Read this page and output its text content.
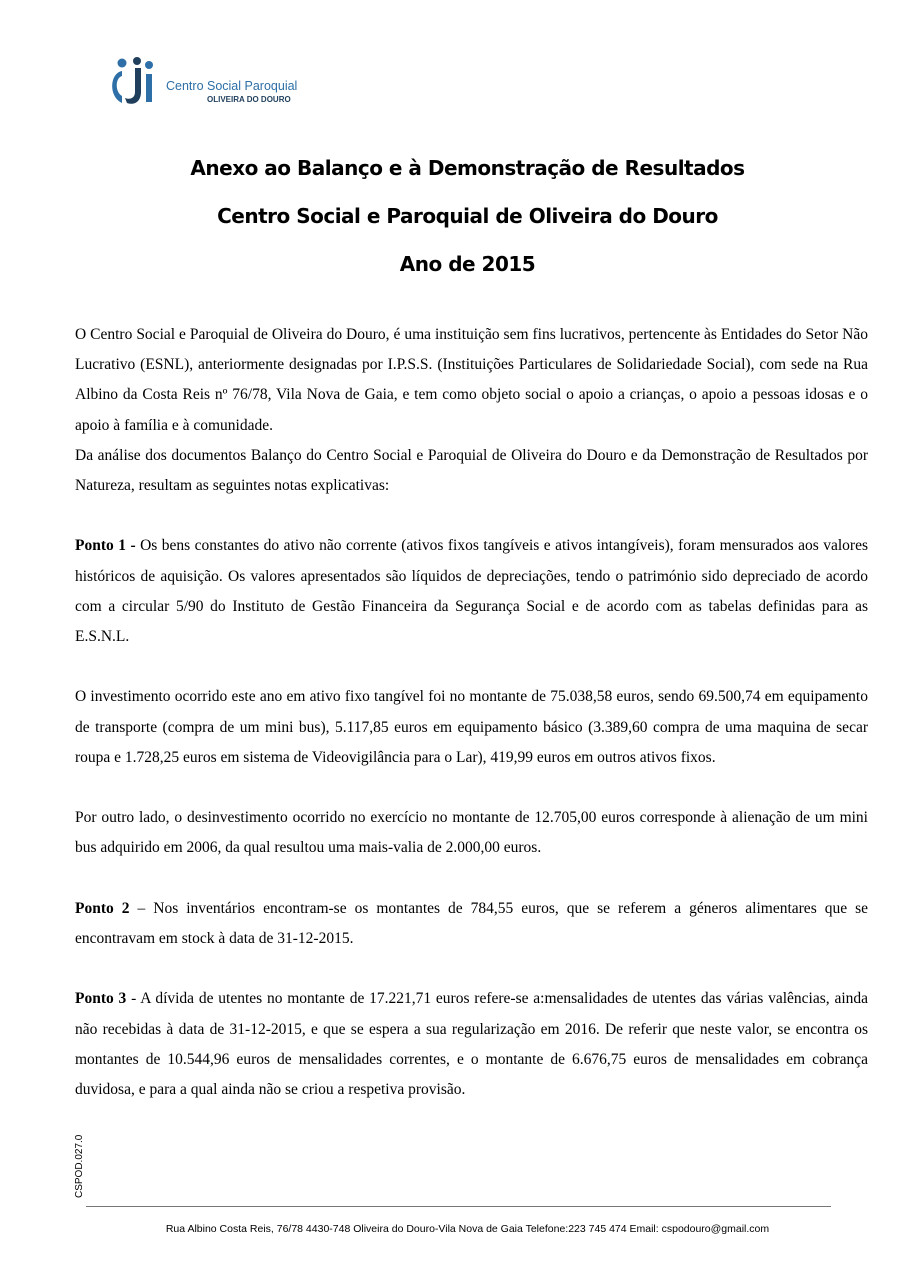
Centro Social Paroquial
OLIVEIRA DO DOURO
Anexo ao Balanço e à Demonstração de Resultados
Centro Social e Paroquial de Oliveira do Douro
Ano de 2015

O Centro Social e Paroquial de Oliveira do Douro, é uma instituição sem fins lucrativos, pertencente às Entidades do Setor Não Lucrativo (ESNL), anteriormente designadas por I.P.S.S. (Instituições Particulares de Solidariedade Social), com sede na Rua Albino da Costa Reis nº 76/78, Vila Nova de Gaia, e tem como objeto social o apoio a crianças, o apoio a pessoas idosas e o apoio à família e à comunidade.

Da análise dos documentos Balanço do Centro Social e Paroquial de Oliveira do Douro e da Demonstração de Resultados por Natureza, resultam as seguintes notas explicativas:

Ponto 1 - Os bens constantes do ativo não corrente (ativos fixos tangíveis e ativos intangíveis), foram mensurados aos valores históricos de aquisição. Os valores apresentados são líquidos de depreciações, tendo o património sido depreciado de acordo com a circular 5/90 do Instituto de Gestão Financeira da Segurança Social e de acordo com as tabelas definidas para as E.S.N.L.

O investimento ocorrido este ano em ativo fixo tangível foi no montante de 75.038,58 euros, sendo 69.500,74 em equipamento de transporte (compra de um mini bus), 5.117,85 euros em equipamento básico (3.389,60 compra de uma maquina de secar roupa e 1.728,25 euros em sistema de Videovigilância para o Lar), 419,99 euros em outros ativos fixos.

Por outro lado, o desinvestimento ocorrido no exercício no montante de 12.705,00 euros corresponde à alienação de um mini bus adquirido em 2006, da qual resultou uma mais-valia de 2.000,00 euros.

Ponto 2 – Nos inventários encontram-se os montantes de 784,55 euros, que se referem a géneros alimentares que se encontravam em stock à data de 31-12-2015.

Ponto 3 - A dívida de utentes no montante de 17.221,71 euros refere-se a:mensalidades de utentes das várias valências, ainda não recebidas à data de 31-12-2015, e que se espera a sua regularização em 2016. De referir que neste valor, se encontra os montantes de 10.544,96 euros de mensalidades correntes, e o montante de 6.676,75 euros de mensalidades em cobrança duvidosa, e para a qual ainda não se criou a respetiva provisão.

CSPOD.027.0
Rua Albino Costa Reis, 76/78 4430-748 Oliveira do Douro-Vila Nova de Gaia Telefone:223 745 474 Email: cspodouro@gmail.com
